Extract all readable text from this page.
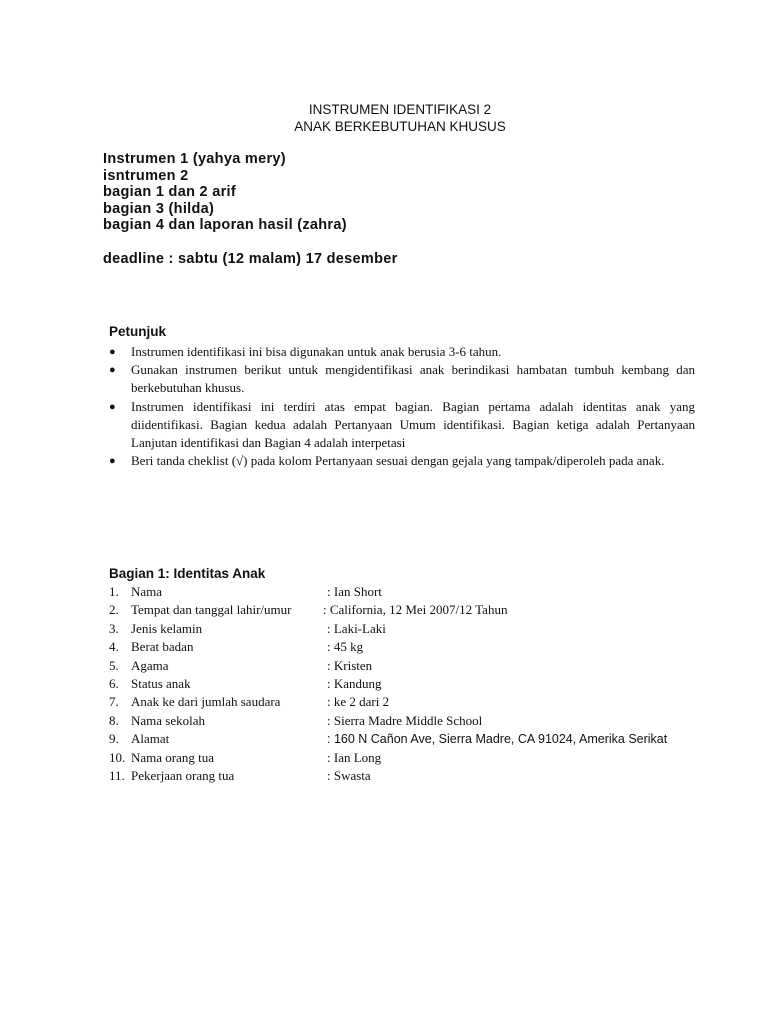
INSTRUMEN IDENTIFIKASI 2
ANAK BERKEBUTUHAN KHUSUS

Instrumen 1 (yahya mery)

isntrumen 2

bagian 1 dan 2 arif

bagian 3 (hilda)

bagian 4 dan laporan hasil (zahra)

deadline : sabtu (12 malam) 17 desember

Petunjuk
● Instrumen identifikasi ini bisa digunakan untuk anak berusia 3-6 tahun.
● Gunakan instrumen berikut untuk mengidentifikasi anak berindikasi hambatan tumbuh kembang dan berkebutuhan khusus.
● Instrumen identifikasi ini terdiri atas empat bagian. Bagian pertama adalah identitas anak yang diidentifikasi. Bagian kedua adalah Pertanyaan Umum identifikasi. Bagian ketiga adalah Pertanyaan Lanjutan identifikasi dan Bagian 4 adalah interpetasi
● Beri tanda cheklist (√) pada kolom Pertanyaan sesuai dengan gejala yang tampak/diperoleh pada anak.
Bagian 1: Identitas Anak
1. Nama	: Ian Short
2. Tempat dan tanggal lahir/umur : California, 12 Mei 2007/12 Tahun
3. Jenis kelamin	: Laki-Laki
4. Berat badan	: 45 kg
5. Agama	: Kristen
6. Status anak	: Kandung
7. Anak ke dari jumlah saudara	: ke 2 dari 2
8. Nama sekolah	: Sierra Madre Middle School
9. Alamat	: 160 N Cañon Ave, Sierra Madre, CA 91024, Amerika Serikat
10. Nama orang tua	: Ian Long
11. Pekerjaan orang tua	: Swasta
